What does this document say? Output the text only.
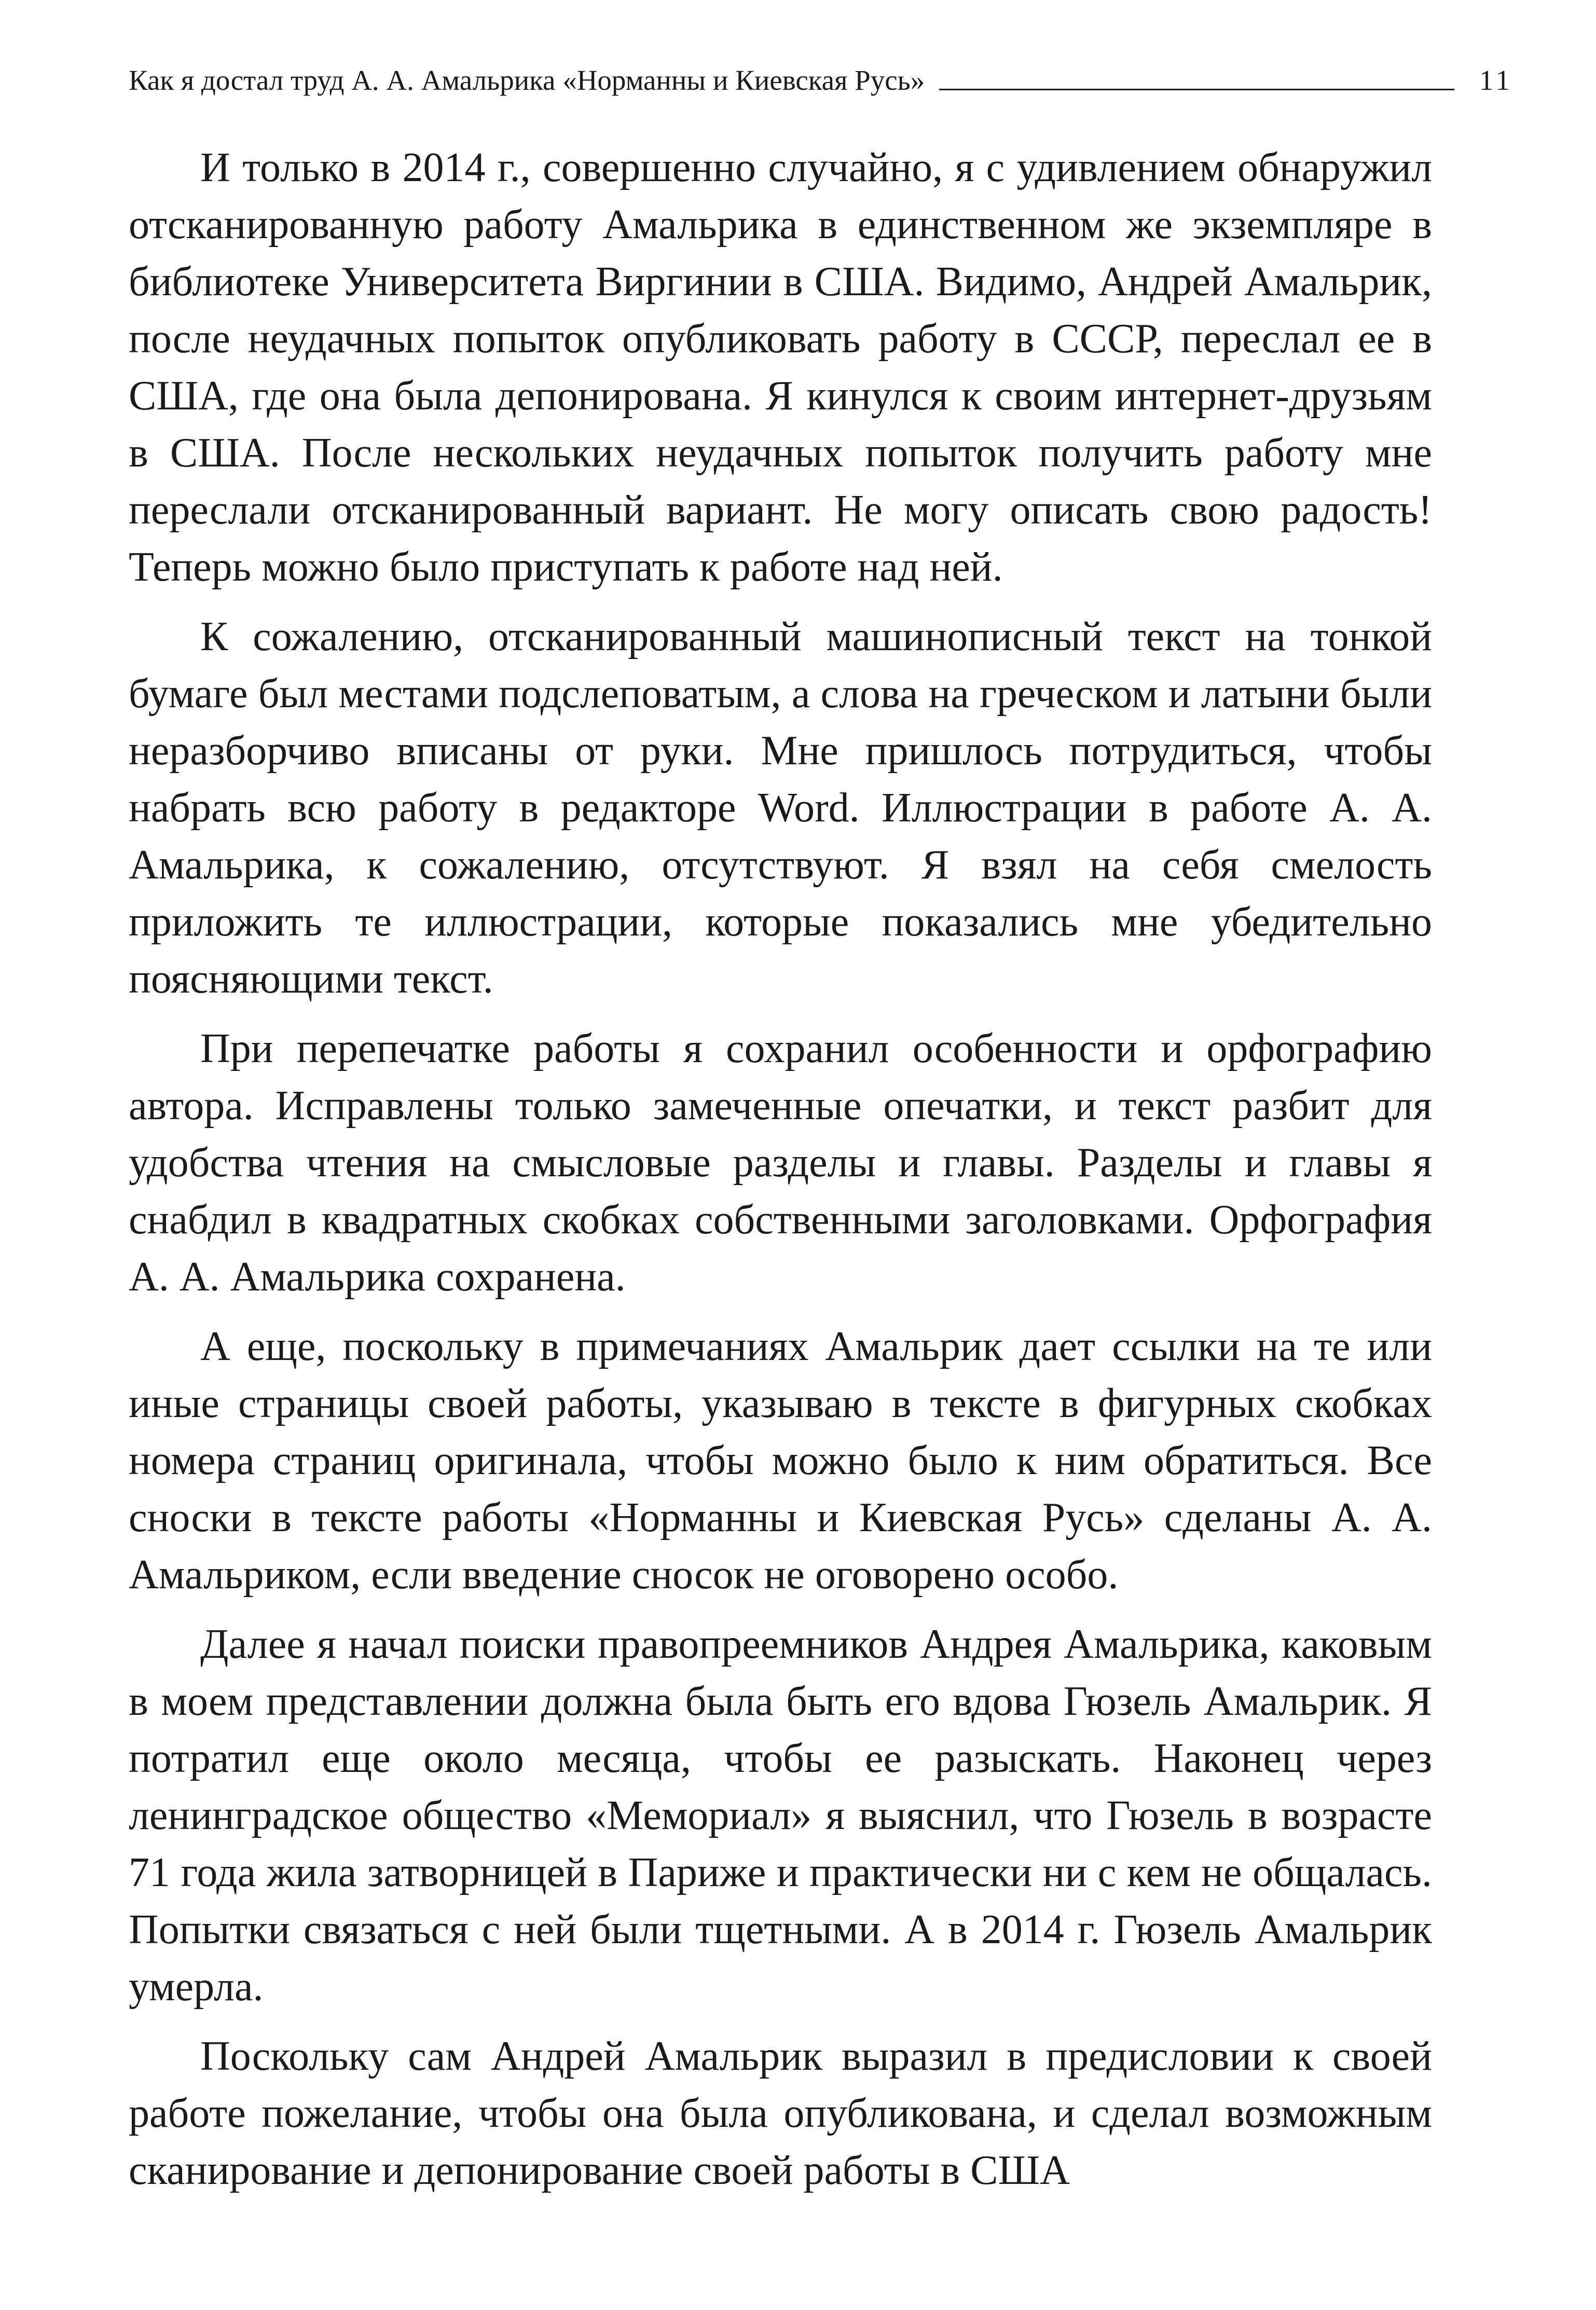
Как я достал труд А. А. Амальрика «Норманны и Киевская Русь»	11

И только в 2014 г., совершенно случайно, я с удивлением обнаружил отсканированную работу Амальрика в единственном же экземпляре в библиотеке Университета Виргинии в США. Видимо, Андрей Амальрик, после неудачных попыток опубликовать работу в СССР, переслал ее в США, где она была депонирована. Я кинулся к своим интернет-друзьям в США. После нескольких неудачных попыток получить работу мне переслали отсканированный вариант. Не могу описать свою радость! Теперь можно было приступать к работе над ней.

К сожалению, отсканированный машинописный текст на тонкой бумаге был местами подслеповатым, а слова на греческом и латыни были неразборчиво вписаны от руки. Мне пришлось потрудиться, чтобы набрать всю работу в редакторе Word. Иллюстрации в работе А. А. Амальрика, к сожалению, отсутствуют. Я взял на себя смелость приложить те иллюстрации, которые показались мне убедительно поясняющими текст.

При перепечатке работы я сохранил особенности и орфографию автора. Исправлены только замеченные опечатки, и текст разбит для удобства чтения на смысловые разделы и главы. Разделы и главы я снабдил в квадратных скобках собственными заголовками. Орфография А. А. Амальрика сохранена.

А еще, поскольку в примечаниях Амальрик дает ссылки на те или иные страницы своей работы, указываю в тексте в фигурных скобках номера страниц оригинала, чтобы можно было к ним обратиться. Все сноски в тексте работы «Норманны и Киевская Русь» сделаны А. А. Амальриком, если введение сносок не оговорено особо.

Далее я начал поиски правопреемников Андрея Амальрика, каковым в моем представлении должна была быть его вдова Гюзель Амальрик. Я потратил еще около месяца, чтобы ее разыскать. Наконец через ленинградское общество «Мемориал» я выяснил, что Гюзель в возрасте 71 года жила затворницей в Париже и практически ни с кем не общалась. Попытки связаться с ней были тщетными. А в 2014 г. Гюзель Амальрик умерла.

Поскольку сам Андрей Амальрик выразил в предисловии к своей работе пожелание, чтобы она была опубликована, и сделал возможным сканирование и депонирование своей работы в США
